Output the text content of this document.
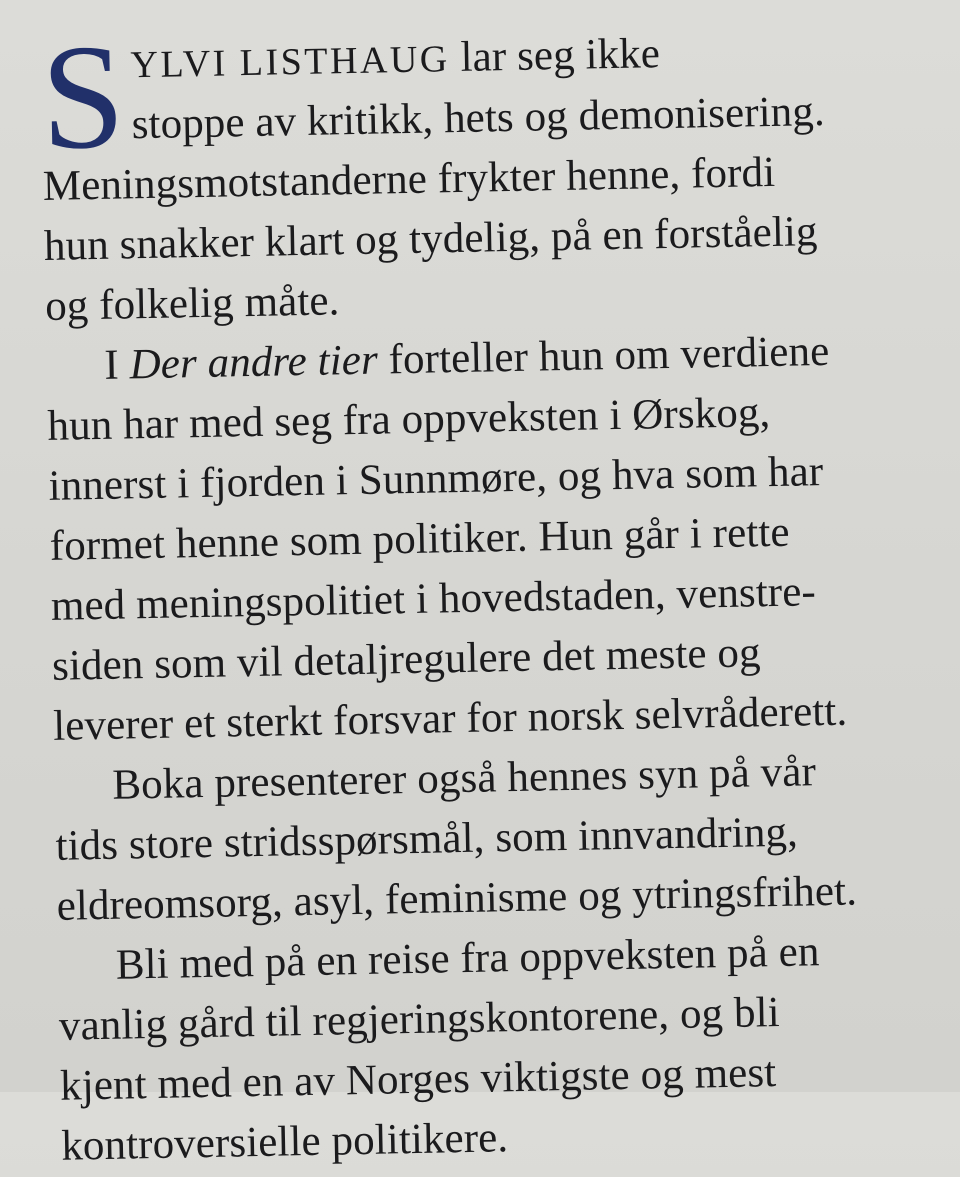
S YLVI LISTHAUG lar seg ikke
stoppe av kritikk, hets og demonisering.
Meningsmotstanderne frykter henne, fordi
hun snakker klart og tydelig, på en forståelig
og folkelig måte.
I Der andre tier forteller hun om verdiene
hun har med seg fra oppveksten i Ørskog,
innerst i fjorden i Sunnmøre, og hva som har
formet henne som politiker. Hun går i rette
med meningspolitiet i hovedstaden, venstre-
siden som vil detaljregulere det meste og
leverer et sterkt forsvar for norsk selvråderett.
Boka presenterer også hennes syn på vår
tids store stridsspørsmål, som innvandring,
eldreomsorg, asyl, feminisme og ytringsfrihet.
Bli med på en reise fra oppveksten på en
vanlig gård til regjeringskontorene, og bli
kjent med en av Norges viktigste og mest
kontroversielle politikere.
